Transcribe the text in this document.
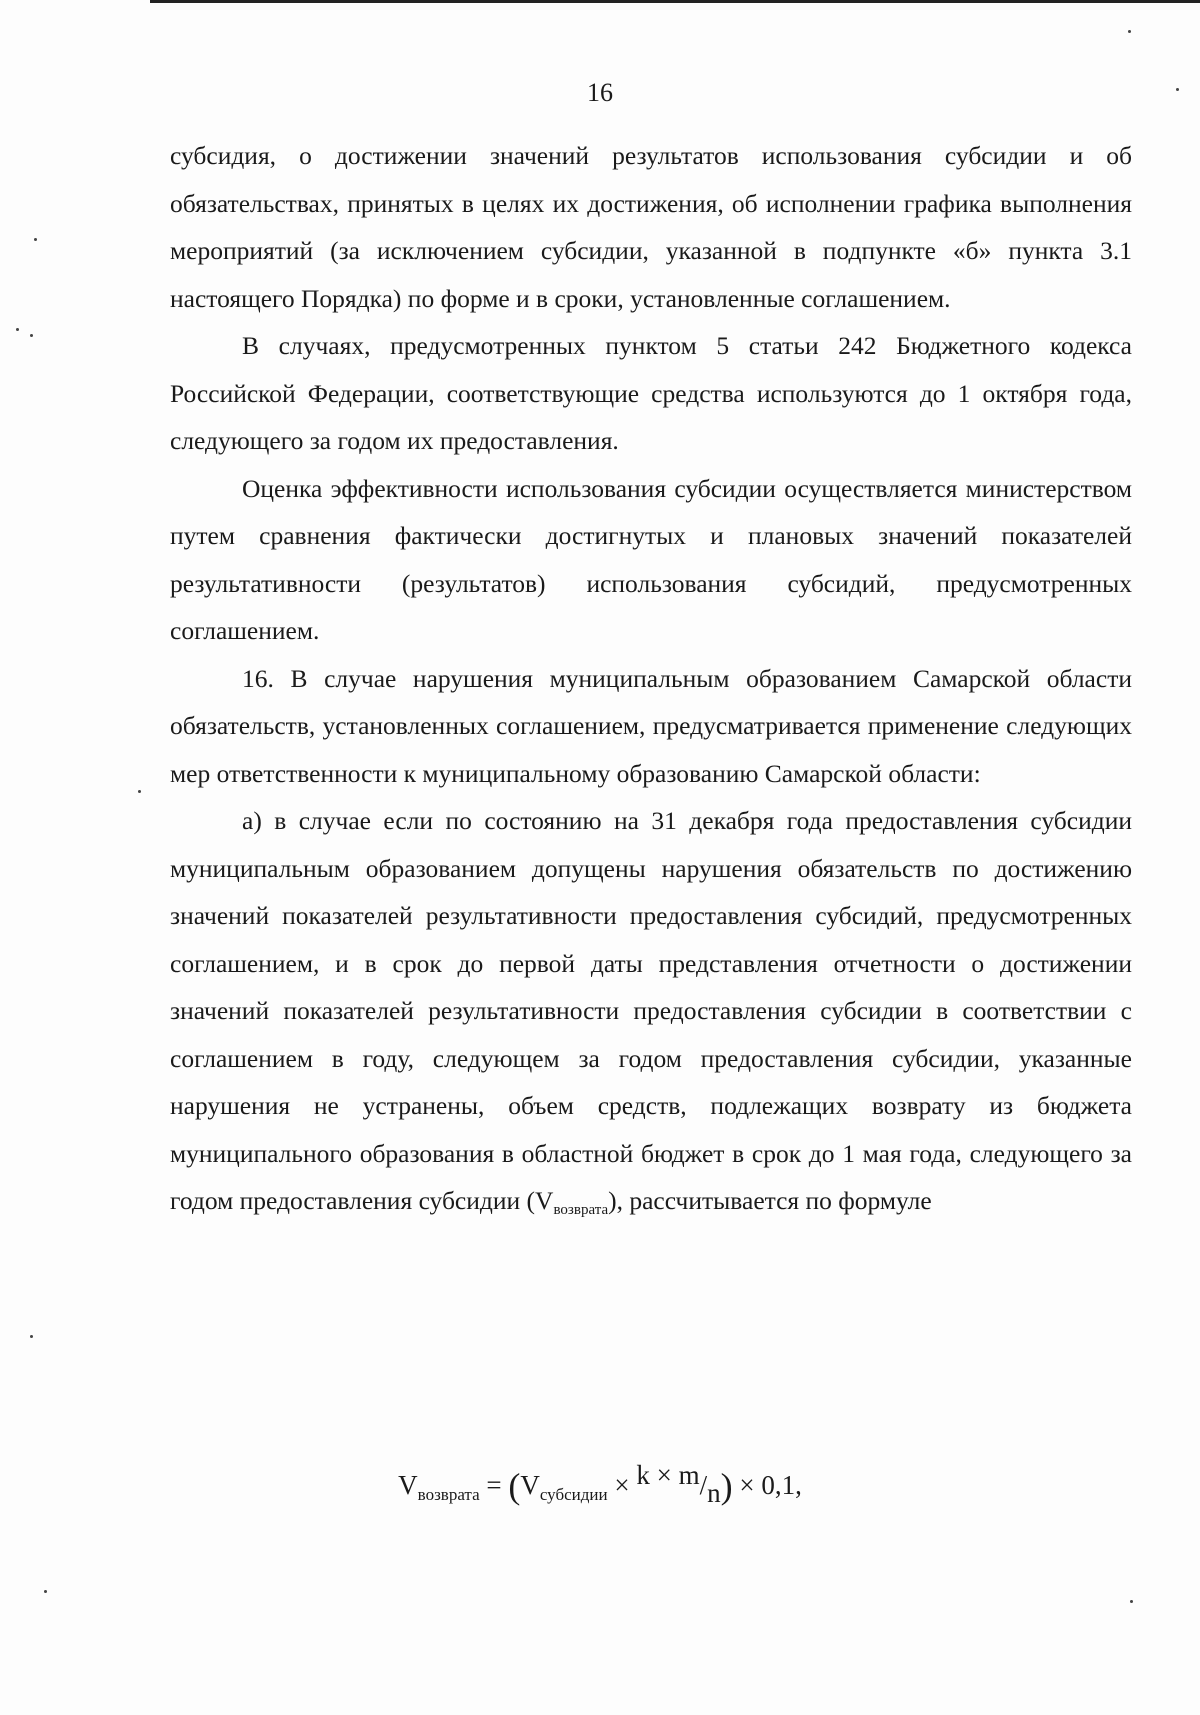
16

субсидия, о достижении значений результатов использования субсидии и об обязательствах, принятых в целях их достижения, об исполнении графика выполнения мероприятий (за исключением субсидии, указанной в подпункте «б» пункта 3.1 настоящего Порядка) по форме и в сроки, установленные соглашением.

В случаях, предусмотренных пунктом 5 статьи 242 Бюджетного кодекса Российской Федерации, соответствующие средства используются до 1 октября года, следующего за годом их предоставления.

Оценка эффективности использования субсидии осуществляется министерством путем сравнения фактически достигнутых и плановых значений показателей результативности (результатов) использования субсидий, предусмотренных соглашением.

16. В случае нарушения муниципальным образованием Самарской области обязательств, установленных соглашением, предусматривается применение следующих мер ответственности к муниципальному образованию Самарской области:

а) в случае если по состоянию на 31 декабря года предоставления субсидии муниципальным образованием допущены нарушения обязательств по достижению значений показателей результативности предоставления субсидий, предусмотренных соглашением, и в срок до первой даты представления отчетности о достижении значений показателей результативности предоставления субсидии в соответствии с соглашением в году, следующем за годом предоставления субсидии, указанные нарушения не устранены, объем средств, подлежащих возврату из бюджета муниципального образования в областной бюджет в срок до 1 мая года, следующего за годом предоставления субсидии (Vвозврата), рассчитывается по формуле

$V_{возврата} = (V_{субсидии} \times k \times m/n) \times 0,1$,
